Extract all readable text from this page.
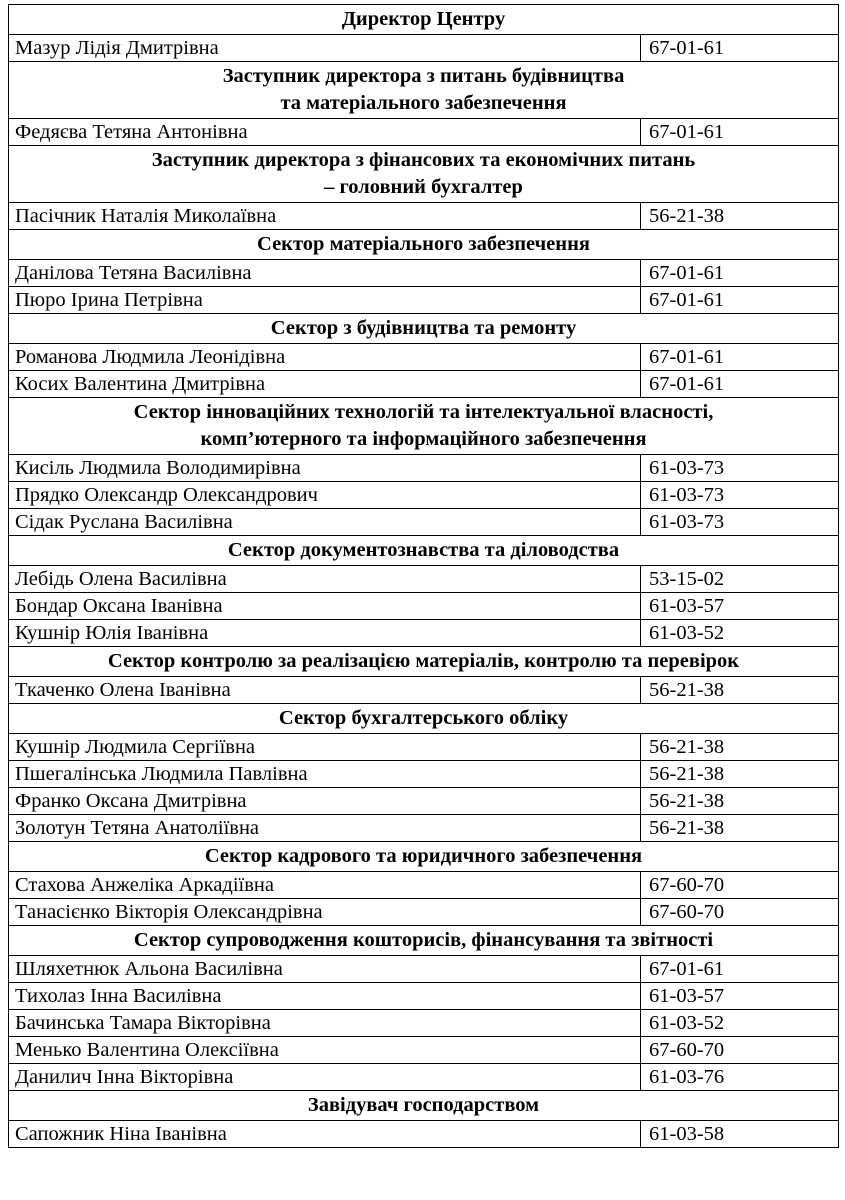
Директор Центру	

Мазур Лідія Дмитрівна	67-01-61

Заступник директора з питань будівництва
та матеріального забезпечення	

Федяєва Тетяна Антонівна	67-01-61

Заступник директора з фінансових та економічних питань
– головний бухгалтер	

Пасічник Наталія Миколаївна	56-21-38

Сектор матеріального забезпечення	

Данілова Тетяна Василівна	67-01-61
Пюро Ірина Петрівна	67-01-61

Сектор з будівництва та ремонту	

Романова Людмила Леонідівна	67-01-61
Косих Валентина Дмитрівна	67-01-61

Сектор інноваційних технологій та інтелектуальної власності,
комп’ютерного та інформаційного забезпечення	

Кисіль Людмила Володимирівна	61-03-73
Прядко Олександр Олександрович	61-03-73
Сідак Руслана Василівна	61-03-73

Сектор документознавства та діловодства	

Лебідь Олена Василівна	53-15-02
Бондар Оксана Іванівна	61-03-57
Кушнір Юлія Іванівна	61-03-52

Сектор контролю за реалізацією матеріалів, контролю та перевірок	

Ткаченко Олена Іванівна	56-21-38

Сектор бухгалтерського обліку	

Кушнір Людмила Сергіївна	56-21-38
Пшегалінська Людмила Павлівна	56-21-38
Франко Оксана Дмитрівна	56-21-38
Золотун Тетяна Анатоліївна	56-21-38

Сектор кадрового та юридичного забезпечення	

Стахова Анжеліка Аркадіївна	67-60-70
Танасієнко Вікторія Олександрівна	67-60-70

Сектор супроводження кошторисів, фінансування та звітності	

Шляхетнюк Альона Василівна	67-01-61
Тихолаз Інна Василівна	61-03-57
Бачинська Тамара Вікторівна	61-03-52
Менько Валентина Олексіївна	67-60-70
Данилич Інна Вікторівна	61-03-76

Завідувач господарством	

Сапожник Ніна Іванівна	61-03-58
